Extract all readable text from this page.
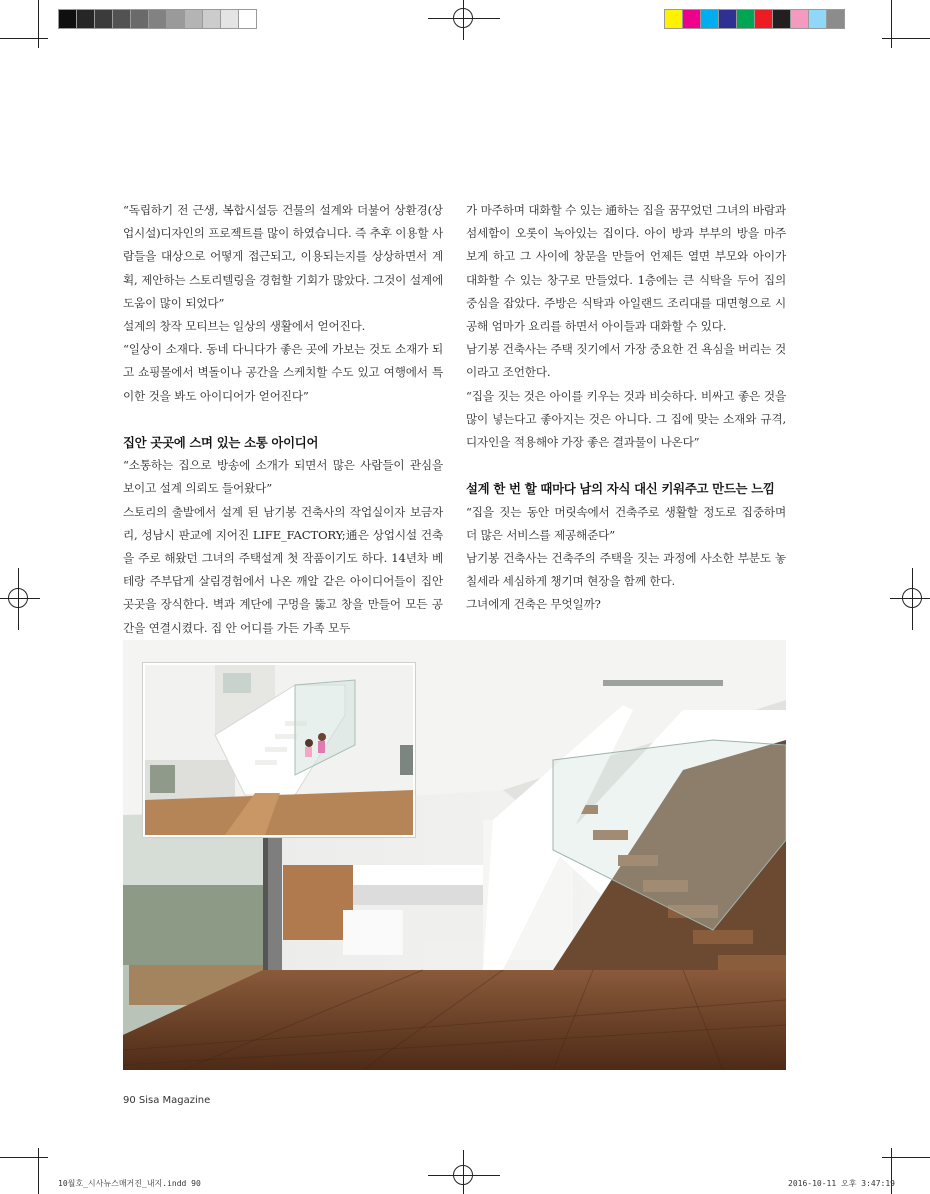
“독립하기 전 근생, 복합시설등 건물의 설계와 더불어 상환경(상업시설)디자인의 프로젝트를 많이 하였습니다. 즉 추후 이용할 사람들을 대상으로 어떻게 접근되고, 이용되는지를 상상하면서 계획, 제안하는 스토리텔링을 경험할 기회가 많았다. 그것이 설계에 도움이 많이 되었다”

설계의 창작 모티브는 일상의 생활에서 얻어진다.

“일상이 소재다. 동네 다니다가 좋은 곳에 가보는 것도 소재가 되고 쇼핑몰에서 벽돌이나 공간을 스케치할 수도 있고 여행에서 특이한 것을 봐도 아이디어가 얻어진다”

집안 곳곳에 스며 있는 소통 아이디어

“소통하는 집으로 방송에 소개가 되면서 많은 사람들이 관심을 보이고 설계 의뢰도 들어왔다”

스토리의 출발에서 설계 된 남기봉 건축사의 작업실이자 보금자리, 성남시 판교에 지어진 LIFE_FACTORY;通은 상업시설 건축을 주로 해왔던 그녀의 주택설계 첫 작품이기도 하다. 14년차 베테랑 주부답게 살림경험에서 나온 깨알 같은 아이디어들이 집안 곳곳을 장식한다. 벽과 계단에 구멍을 뚫고 창을 만들어 모든 공간을 연결시켰다. 집 안 어디를 가든 가족 모두

가 마주하며 대화할 수 있는 通하는 집을 꿈꾸었던 그녀의 바람과 섬세함이 오롯이 녹아있는 집이다. 아이 방과 부부의 방을 마주 보게 하고 그 사이에 창문을 만들어 언제든 열면 부모와 아이가 대화할 수 있는 창구로 만들었다. 1층에는 큰 식탁을 두어 집의 중심을 잡았다. 주방은 식탁과 아일랜드 조리대를 대면형으로 시공해 엄마가 요리를 하면서 아이들과 대화할 수 있다.

남기봉 건축사는 주택 짓기에서 가장 중요한 건 욕심을 버리는 것이라고 조언한다.

“집을 짓는 것은 아이를 키우는 것과 비슷하다. 비싸고 좋은 것을 많이 넣는다고 좋아지는 것은 아니다. 그 집에 맞는 소재와 규격, 디자인을 적용해야 가장 좋은 결과물이 나온다”

설계 한 번 할 때마다 남의 자식 대신 키워주고 만드는 느낌

“집을 짓는 동안 머릿속에서 건축주로 생활할 정도로 집중하며 더 많은 서비스를 제공해준다”

남기봉 건축사는 건축주의 주택을 짓는 과정에 사소한 부분도 놓칠세라 세심하게 챙기며 현장을 함께 한다.

그녀에게 건축은 무엇일까?

90 Sisa Magazine
10월호_시사뉴스매거진_내지.indd 90	2016-10-11 오후 3:47:19
